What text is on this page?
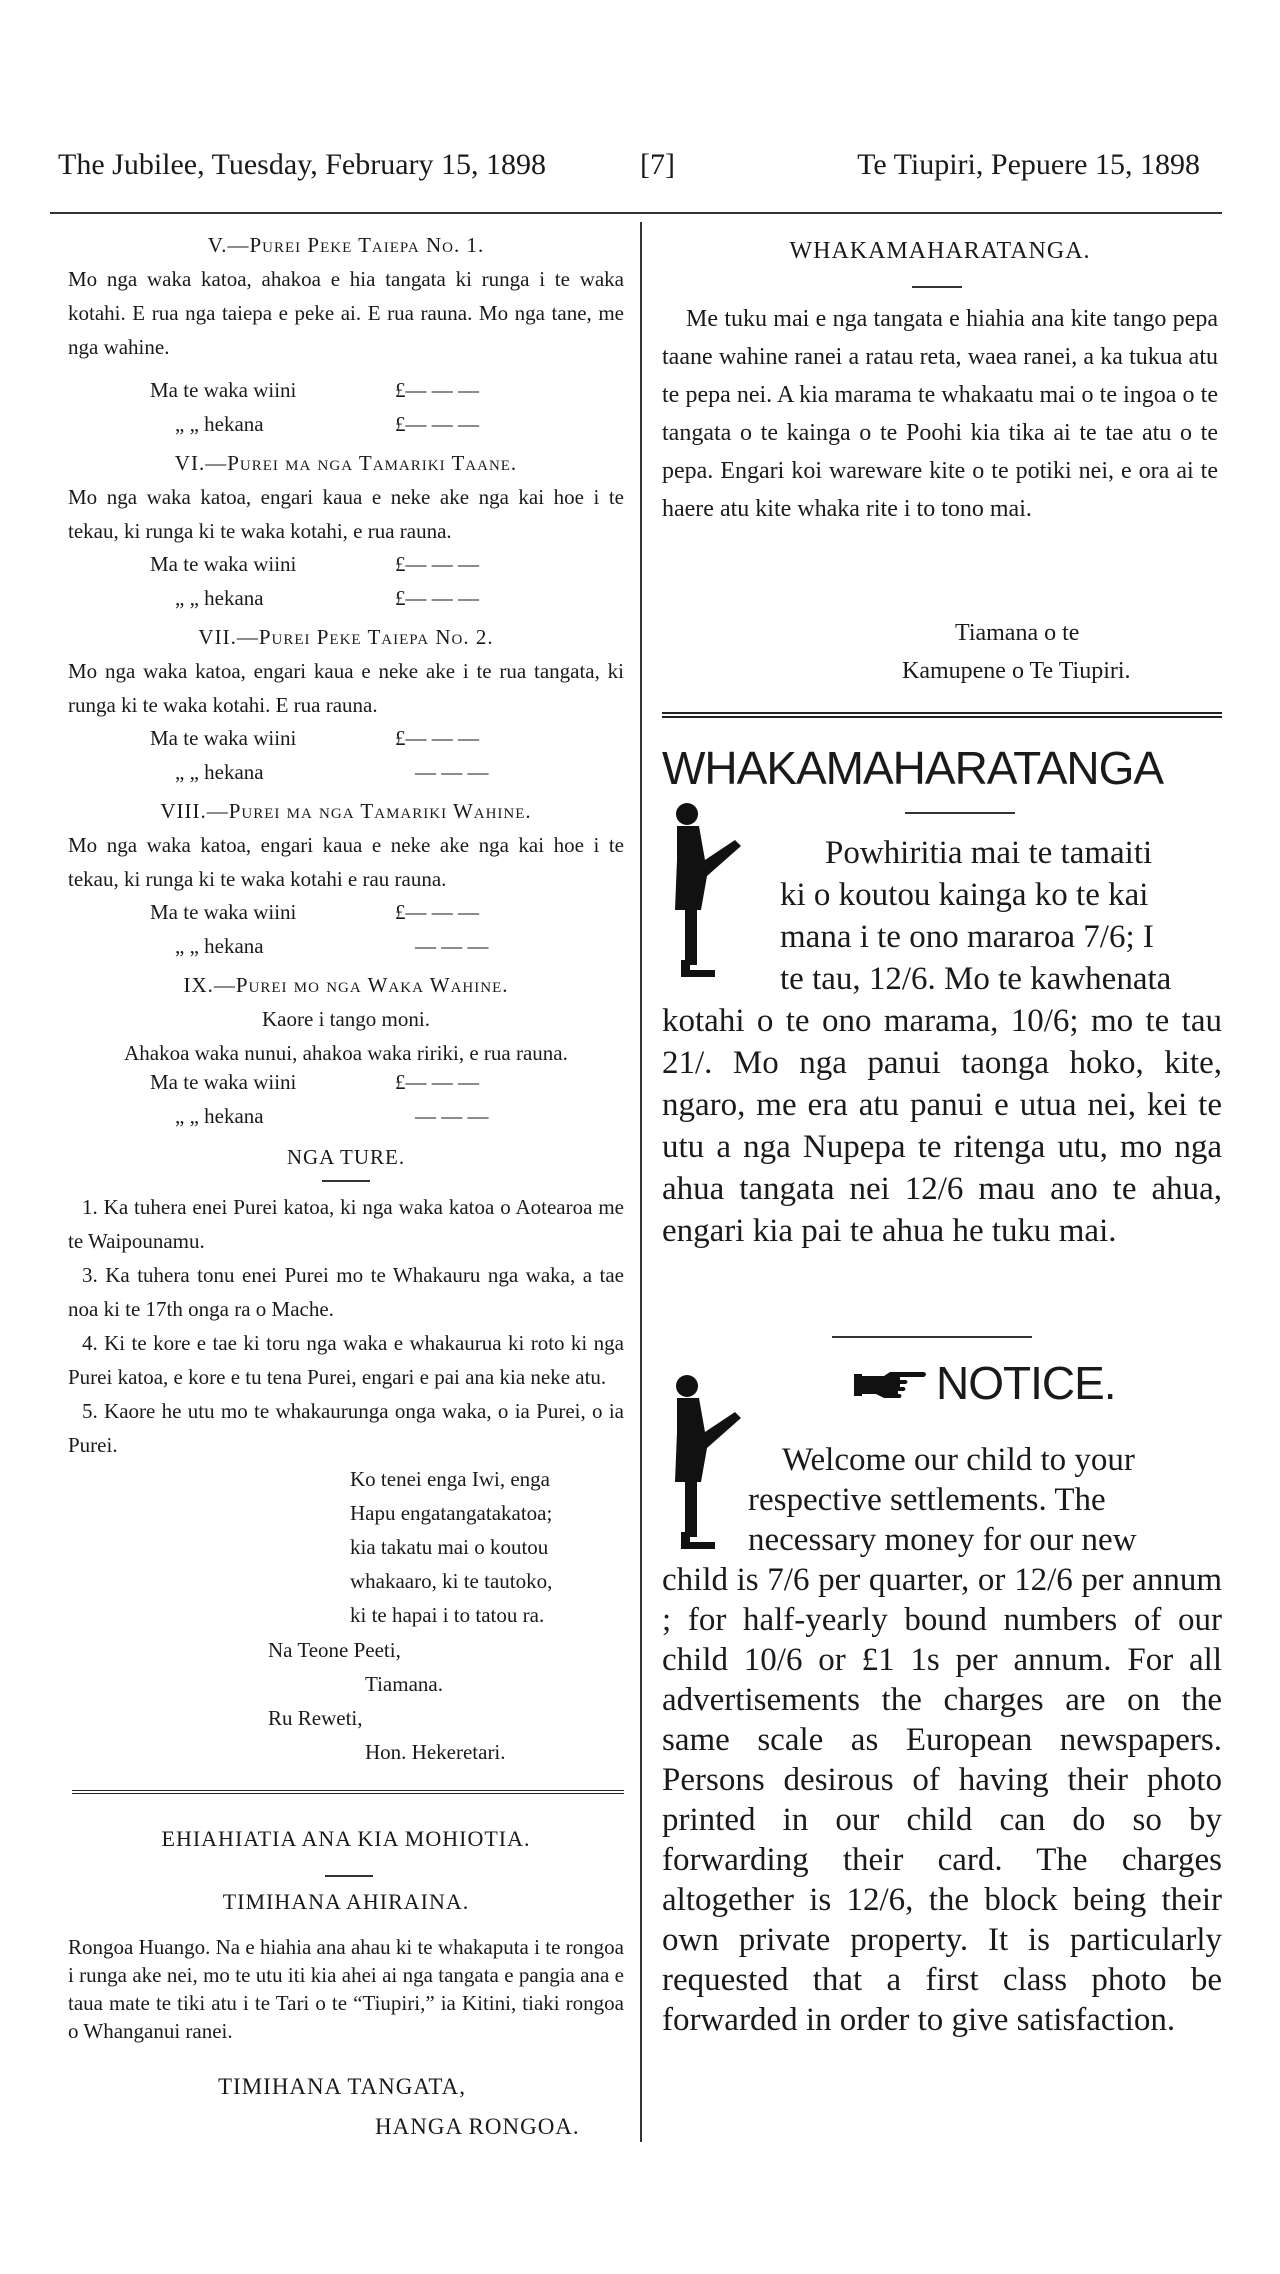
The Jubilee, Tuesday, February 15, 1898	[7]	Te Tiupiri, Pepuere 15, 1898
V.—Purei Peke Taiepa No. 1.
Mo nga waka katoa, ahakoa e hia tangata ki runga i te waka kotahi. E rua nga taiepa e peke ai. E rua rauna. Mo nga tane, me nga wahine.
Ma te waka wiini	£— — —
„ „ hekana	£— — —
VI.—Purei ma nga Tamariki Taane.
Mo nga waka katoa, engari kaua e neke ake nga kai hoe i te tekau, ki runga ki te waka kotahi, e rua rauna.
Ma te waka wiini	£— — —
„ „ hekana	£— — —
VII.—Purei Peke Taiepa No. 2.
Mo nga waka katoa, engari kaua e neke ake i te rua tangata, ki runga ki te waka kotahi. E rua rauna.
Ma te waka wiini	£— — —
„ „ hekana	— — —
VIII.—Purei ma nga Tamariki Wahine.
Mo nga waka katoa, engari kaua e neke ake nga kai hoe i te tekau, ki runga ki te waka kotahi e rau rauna.
Ma te waka wiini	£— — —
„ „ hekana	— — —
IX.—Purei mo nga Waka Wahine.
Kaore i tango moni.
Ahakoa waka nunui, ahakoa waka ririki, e rua rauna.
Ma te waka wiini	£— — —
„ „ hekana	— — —
NGA TURE.
1. Ka tuhera enei Purei katoa, ki nga waka katoa o Aotearoa me te Waipounamu.
3. Ka tuhera tonu enei Purei mo te Whakauru nga waka, a tae noa ki te 17th onga ra o Mache.
4. Ki te kore e tae ki toru nga waka e whakaurua ki roto ki nga Purei katoa, e kore e tu tena Purei, engari e pai ana kia neke atu.
5. Kaore he utu mo te whakaurunga onga waka, o ia Purei, o ia Purei.
Ko tenei enga Iwi, enga
Hapu engatangatakatoa;
kia takatu mai o koutou
whakaaro, ki te tautoko,
ki te hapai i to tatou ra.
Na Teone Peeti,
Tiamana.
Ru Reweti,
Hon. Hekeretari.
EHIAHIATIA ANA KIA MOHIOTIA.
TIMIHANA AHIRAINA.
Rongoa Huango. Na e hiahia ana ahau ki te whakaputa i te rongoa i runga ake nei, mo te utu iti kia ahei ai nga tangata e pangia ana e taua mate te tiki atu i te Tari o te “Tiupiri,” ia Kitini, tiaki rongoa o Whanganui ranei.
TIMIHANA TANGATA,
HANGA RONGOA.
WHAKAMAHARATANGA.
Me tuku mai e nga tangata e hiahia ana kite tango pepa taane wahine ranei a ratau reta, waea ranei, a ka tukua atu te pepa nei. A kia marama te whakaatu mai o te ingoa o te tangata o te kainga o te Poohi kia tika ai te tae atu o te pepa. Engari koi wareware kite o te potiki nei, e ora ai te haere atu kite whaka rite i to tono mai.
Tiamana o te
Kamupene o Te Tiupiri.
WHAKAMAHARATANGA
Powhiritia mai te tamaiti
ki o koutou kainga ko te kai
mana i te ono mararoa 7/6; I
te tau, 12/6. Mo te kawhenata
kotahi o te ono marama, 10/6; mo te tau 21/. Mo nga panui taonga hoko, kite, ngaro, me era atu panui e utua nei, kei te utu a nga Nupepa te ritenga utu, mo nga ahua tangata nei 12/6 mau ano te ahua, engari kia pai te ahua he tuku mai.
NOTICE.
Welcome our child to your
respective settlements. The
necessary money for our new
child is 7/6 per quarter, or 12/6 per annum ; for half-yearly bound numbers of our child 10/6 or £1 1s per annum. For all advertisements the charges are on the same scale as European newspapers. Persons desirous of having their photo printed in our child can do so by forwarding their card. The charges altogether is 12/6, the block being their own private property. It is particularly requested that a first class photo be forwarded in order to give satisfaction.
